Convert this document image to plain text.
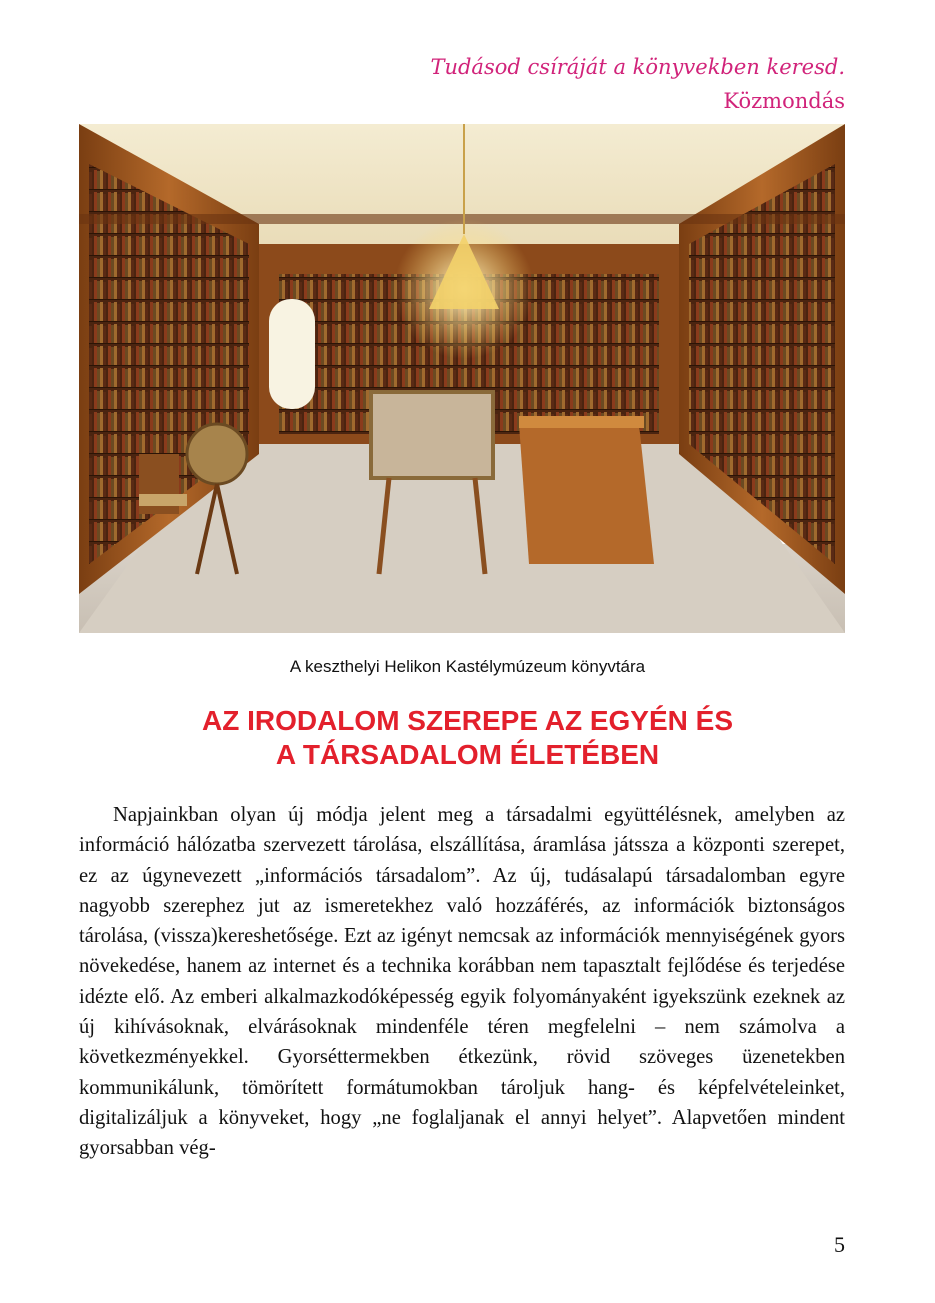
Tudásod csíráját a könyvekben keresd.
Közmondás
A keszthelyi Helikon Kastélymúzeum könyvtára
AZ IRODALOM SZEREPE AZ EGYÉN ÉS
A TÁRSADALOM ÉLETÉBEN

Napjainkban olyan új módja jelent meg a társadalmi együttélésnek, amelyben az információ hálózatba szervezett tárolása, elszállítása, áramlása játssza a központi szerepet, ez az úgynevezett „információs társadalom”. Az új, tudásalapú társadalomban egyre nagyobb szerephez jut az ismeretekhez való hozzáférés, az információk biztonságos tárolása, (vissza)kereshetősége. Ezt az igényt nemcsak az információk mennyiségének gyors növekedése, hanem az internet és a technika korábban nem tapasztalt fejlődése és terjedése idézte elő. Az emberi alkalmazkodóképesség egyik folyományaként igyekszünk ezeknek az új kihívásoknak, elvárásoknak mindenféle téren megfelelni – nem számolva a következményekkel. Gyorséttermekben étkezünk, rövid szöveges üzenetekben kommunikálunk, tömörített formátumokban tároljuk hang- és képfelvételeinket, digitalizáljuk a könyveket, hogy „ne foglaljanak el annyi helyet”. Alapvetően mindent gyorsabban vég-

5
